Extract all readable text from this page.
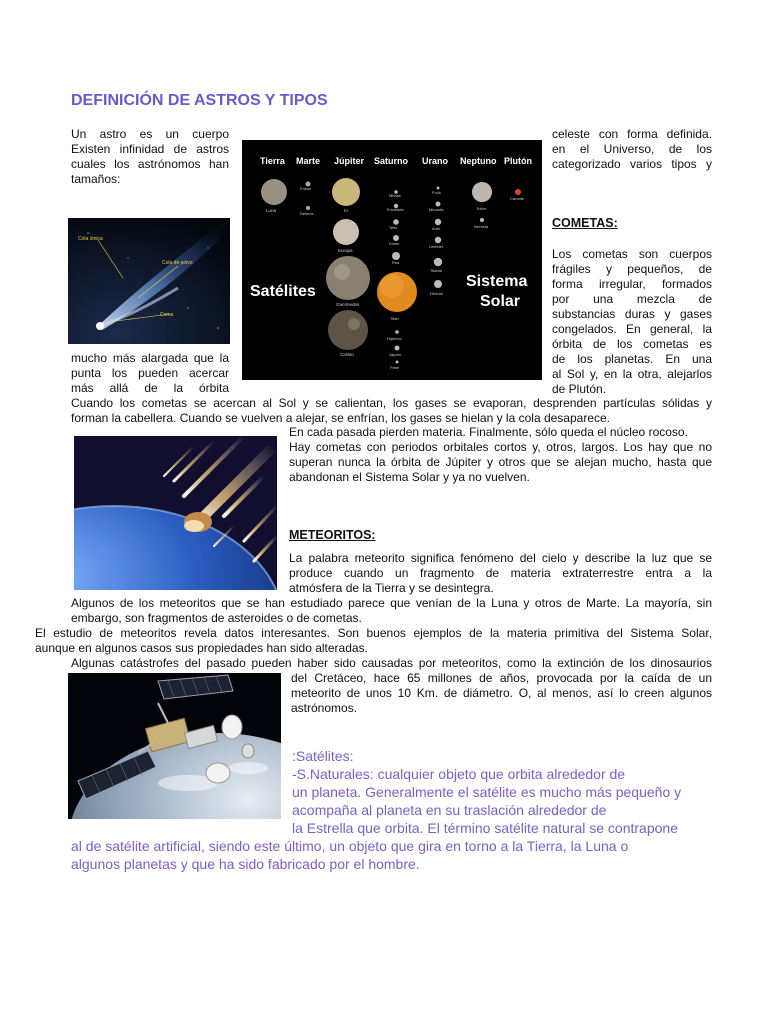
DEFINICIÓN DE ASTROS Y TIPOS
Un astro es un cuerpo
Existen infinidad de astros
cuales los astrónomos han
tamaños:
Tierra Marte Júpiter Saturno Urano Neptuno Plutón
Luna
Fobos
Deimos
Io
Europa
Ganímedes
Calisto
Mimas
Encélado
Tetis
Dione
Rea
Titán
Hiperión
Jápeto
Febe
Puck
Miranda
Ariel
Umbriel
Titania
Oberón
Tritón
Nereida
Caronte
Satélites
Sistema
Solar
celeste con forma definida.
en el Universo, de los
categorizado varios tipos y
Cola iónica
Cola de polvo
Coma
COMETAS:
Los cometas son cuerpos
frágiles y pequeños, de
forma irregular, formados
por una mezcla de
substancias duras y gases
congelados. En general, la
órbita de los cometas es
de los planetas. En una
al Sol y, en la otra, alejarlos
de Plutón.
mucho más alargada que la
punta los pueden acercar
más allá de la órbita
Cuando los cometas se acercan al Sol y se calientan, los gases se evaporan, desprenden partículas sólidas y
forman la cabellera. Cuando se vuelven a alejar, se enfrían, los gases se hielan y la cola desaparece.
En cada pasada pierden materia. Finalmente, sólo queda el núcleo rocoso.
Hay cometas con periodos orbitales cortos y, otros, largos. Los hay que no
superan nunca la órbita de Júpiter y otros que se alejan mucho, hasta que
abandonan el Sistema Solar y ya no vuelven.
METEORITOS:
La palabra meteorito significa fenómeno del cielo y describe la luz que se
produce cuando un fragmento de materia extraterrestre entra a la
atmósfera de la Tierra y se desintegra.
Algunos de los meteoritos que se han estudiado parece que venían de la Luna y otros de Marte. La mayoría, sin
embargo, son fragmentos de asteroides o de cometas.
El estudio de meteoritos revela datos interesantes. Son buenos ejemplos de la materia primitiva del Sistema Solar,
aunque en algunos casos sus propiedades han sido alteradas.
Algunas catástrofes del pasado pueden haber sido causadas por meteoritos, como la extinción de los dinosaurios
del Cretáceo, hace 65 millones de años, provocada por la caída de un
meteorito de unos 10 Km. de diámetro. O, al menos, así lo creen algunos
astrónomos.
:Satélites:
-S.Naturales: cualquier objeto que orbita alrededor de
un planeta. Generalmente el satélite es mucho más pequeño y
acompaña al planeta en su traslación alrededor de
la Estrella que orbita. El término satélite natural se contrapone
al de satélite artificial, siendo este último, un objeto que gira en torno a la Tierra, la Luna o
algunos planetas y que ha sido fabricado por el hombre.
